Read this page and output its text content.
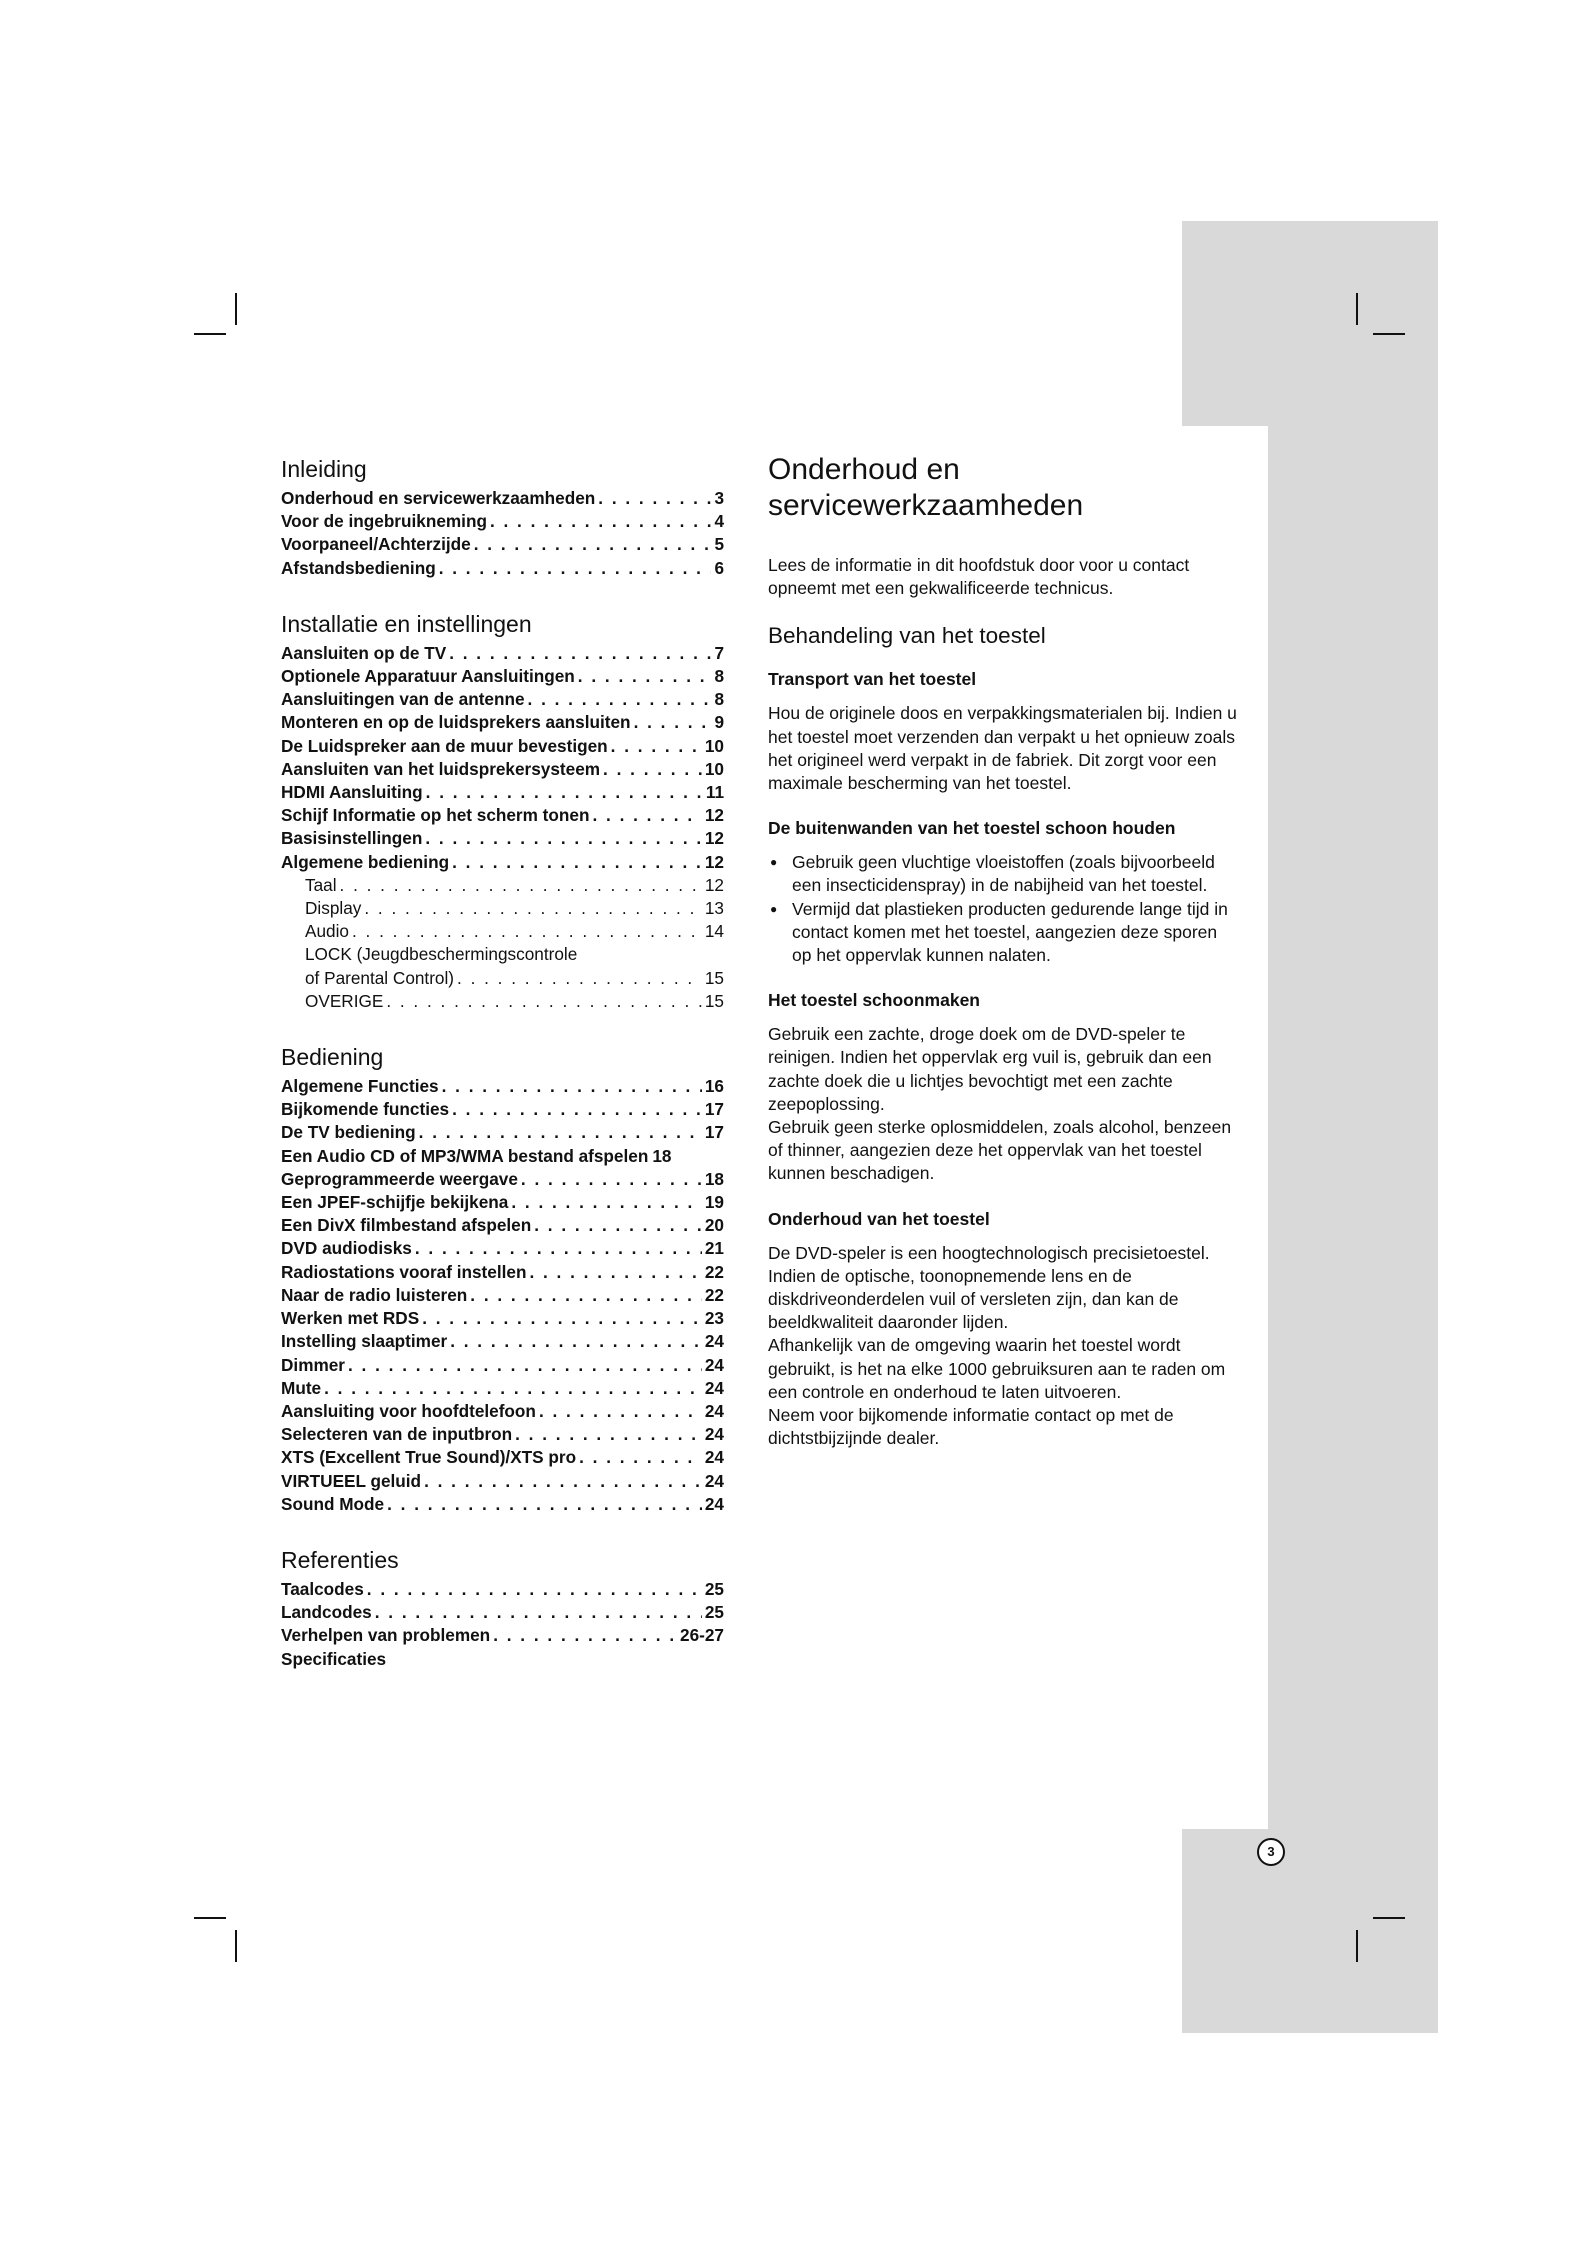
3
Inleiding
Onderhoud en servicewerkzaamheden . . .	3
Voor de ingebruikneming . . .	4
Voorpaneel/Achterzijde . . .	5
Afstandsbediening . . .	6
Installatie en instellingen
Aansluiten op de TV . . .	7
Optionele Apparatuur Aansluitingen . . .	8
Aansluitingen van de antenne . . .	8
Monteren en op de luidsprekers aansluiten . . .	9
De Luidspreker aan de muur bevestigen . . .	10
Aansluiten van het luidsprekersysteem . . .	10
HDMI Aansluiting . . .	11
Schijf Informatie op het scherm tonen . . .	12
Basisinstellingen . . .	12
Algemene bediening . . .	12
Taal . . .	12
Display . . .	13
Audio . . .	14
LOCK (Jeugdbeschermingscontrole
of Parental Control) . . .	15
OVERIGE . . .	15
Bediening
Algemene Functies . . .	16
Bijkomende functies . . .	17
De TV bediening . . .	17
Een Audio CD of MP3/WMA bestand afspelen 18
Geprogrammeerde weergave . . .	18
Een JPEF-schijfje bekijkena . . .	19
Een DivX filmbestand afspelen . . .	20
DVD audiodisks . . .	21
Radiostations vooraf instellen . . .	22
Naar de radio luisteren . . .	22
Werken met RDS . . .	23
Instelling slaaptimer . . .	24
Dimmer . . .	24
Mute . . .	24
Aansluiting voor hoofdtelefoon . . .	24
Selecteren van de inputbron . . .	24
XTS (Excellent True Sound)/XTS pro . . .	24
VIRTUEEL geluid . . .	24
Sound Mode . . .	24
Referenties
Taalcodes . . .	25
Landcodes . . .	25
Verhelpen van problemen . . .	26-27
Specificaties
Onderhoud en
servicewerkzaamheden

Lees de informatie in dit hoofdstuk door voor u contact opneemt met een gekwalificeerde technicus.

Behandeling van het toestel
Transport van het toestel

Hou de originele doos en verpakkingsmaterialen bij. Indien u het toestel moet verzenden dan verpakt u het opnieuw zoals het origineel werd verpakt in de fabriek. Dit zorgt voor een maximale bescherming van het toestel.

De buitenwanden van het toestel schoon houden
● Gebruik geen vluchtige vloeistoffen (zoals bijvoorbeeld een insecticidenspray) in de nabijheid van het toestel.
● Vermijd dat plastieken producten gedurende lange tijd in contact komen met het toestel, aangezien deze sporen op het oppervlak kunnen nalaten.
Het toestel schoonmaken

Gebruik een zachte, droge doek om de DVD-speler te reinigen. Indien het oppervlak erg vuil is, gebruik dan een zachte doek die u lichtjes bevochtigt met een zachte zeepoplossing.

Gebruik geen sterke oplosmiddelen, zoals alcohol, benzeen of thinner, aangezien deze het oppervlak van het toestel kunnen beschadigen.

Onderhoud van het toestel

De DVD-speler is een hoogtechnologisch precisietoestel. Indien de optische, toonopnemende lens en de diskdriveonderdelen vuil of versleten zijn, dan kan de beeldkwaliteit daaronder lijden.

Afhankelijk van de omgeving waarin het toestel wordt gebruikt, is het na elke 1000 gebruiksuren aan te raden om een controle en onderhoud te laten uitvoeren.

Neem voor bijkomende informatie contact op met de dichtstbijzijnde dealer.
